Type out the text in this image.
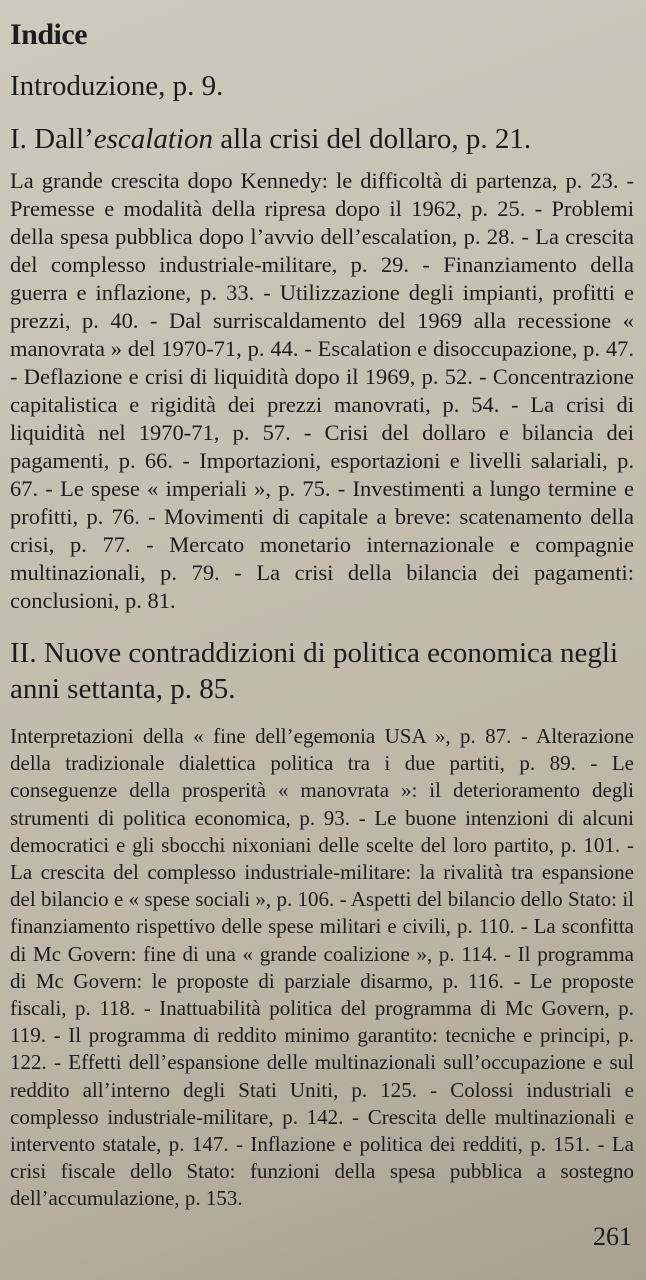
Indice
Introduzione, p. 9.
I. Dall’escalation alla crisi del dollaro, p. 21.
La grande crescita dopo Kennedy: le difficoltà di partenza, p. 23. - Premesse e modalità della ripresa dopo il 1962, p. 25. - Problemi della spesa pubblica dopo l’avvio dell’escalation, p. 28. - La crescita del complesso industriale-militare, p. 29. - Finanziamento della guerra e inflazione, p. 33. - Utilizzazione degli impianti, profitti e prezzi, p. 40. - Dal surriscaldamento del 1969 alla recessione « manovrata » del 1970-71, p. 44. - Escalation e disoccupazione, p. 47. - Deflazione e crisi di liquidità dopo il 1969, p. 52. - Concentrazione capitalistica e rigidità dei prezzi manovrati, p. 54. - La crisi di liquidità nel 1970-71, p. 57. - Crisi del dollaro e bilancia dei pagamenti, p. 66. - Importazioni, esportazioni e livelli salariali, p. 67. - Le spese « imperiali », p. 75. - Investimenti a lungo termine e profitti, p. 76. - Movimenti di capitale a breve: scatenamento della crisi, p. 77. - Mercato monetario internazionale e compagnie multinazionali, p. 79. - La crisi della bilancia dei pagamenti: conclusioni, p. 81.
II. Nuove contraddizioni di politica economica negli anni settanta, p. 85.
Interpretazioni della « fine dell’egemonia USA », p. 87. - Alterazione della tradizionale dialettica politica tra i due partiti, p. 89. - Le conseguenze della prosperità « manovrata »: il deterioramento degli strumenti di politica economica, p. 93. - Le buone intenzioni di alcuni democratici e gli sbocchi nixoniani delle scelte del loro partito, p. 101. - La crescita del complesso industriale-militare: la rivalità tra espansione del bilancio e « spese sociali », p. 106. - Aspetti del bilancio dello Stato: il finanziamento rispettivo delle spese militari e civili, p. 110. - La sconfitta di Mc Govern: fine di una « grande coalizione », p. 114. - Il programma di Mc Govern: le proposte di parziale disarmo, p. 116. - Le proposte fiscali, p. 118. - Inattuabilità politica del programma di Mc Govern, p. 119. - Il programma di reddito minimo garantito: tecniche e principi, p. 122. - Effetti dell’espansione delle multinazionali sull’occupazione e sul reddito all’interno degli Stati Uniti, p. 125. - Colossi industriali e complesso industriale-militare, p. 142. - Crescita delle multinazionali e intervento statale, p. 147. - Inflazione e politica dei redditi, p. 151. - La crisi fiscale dello Stato: funzioni della spesa pubblica a sostegno dell’accumulazione, p. 153.
261
